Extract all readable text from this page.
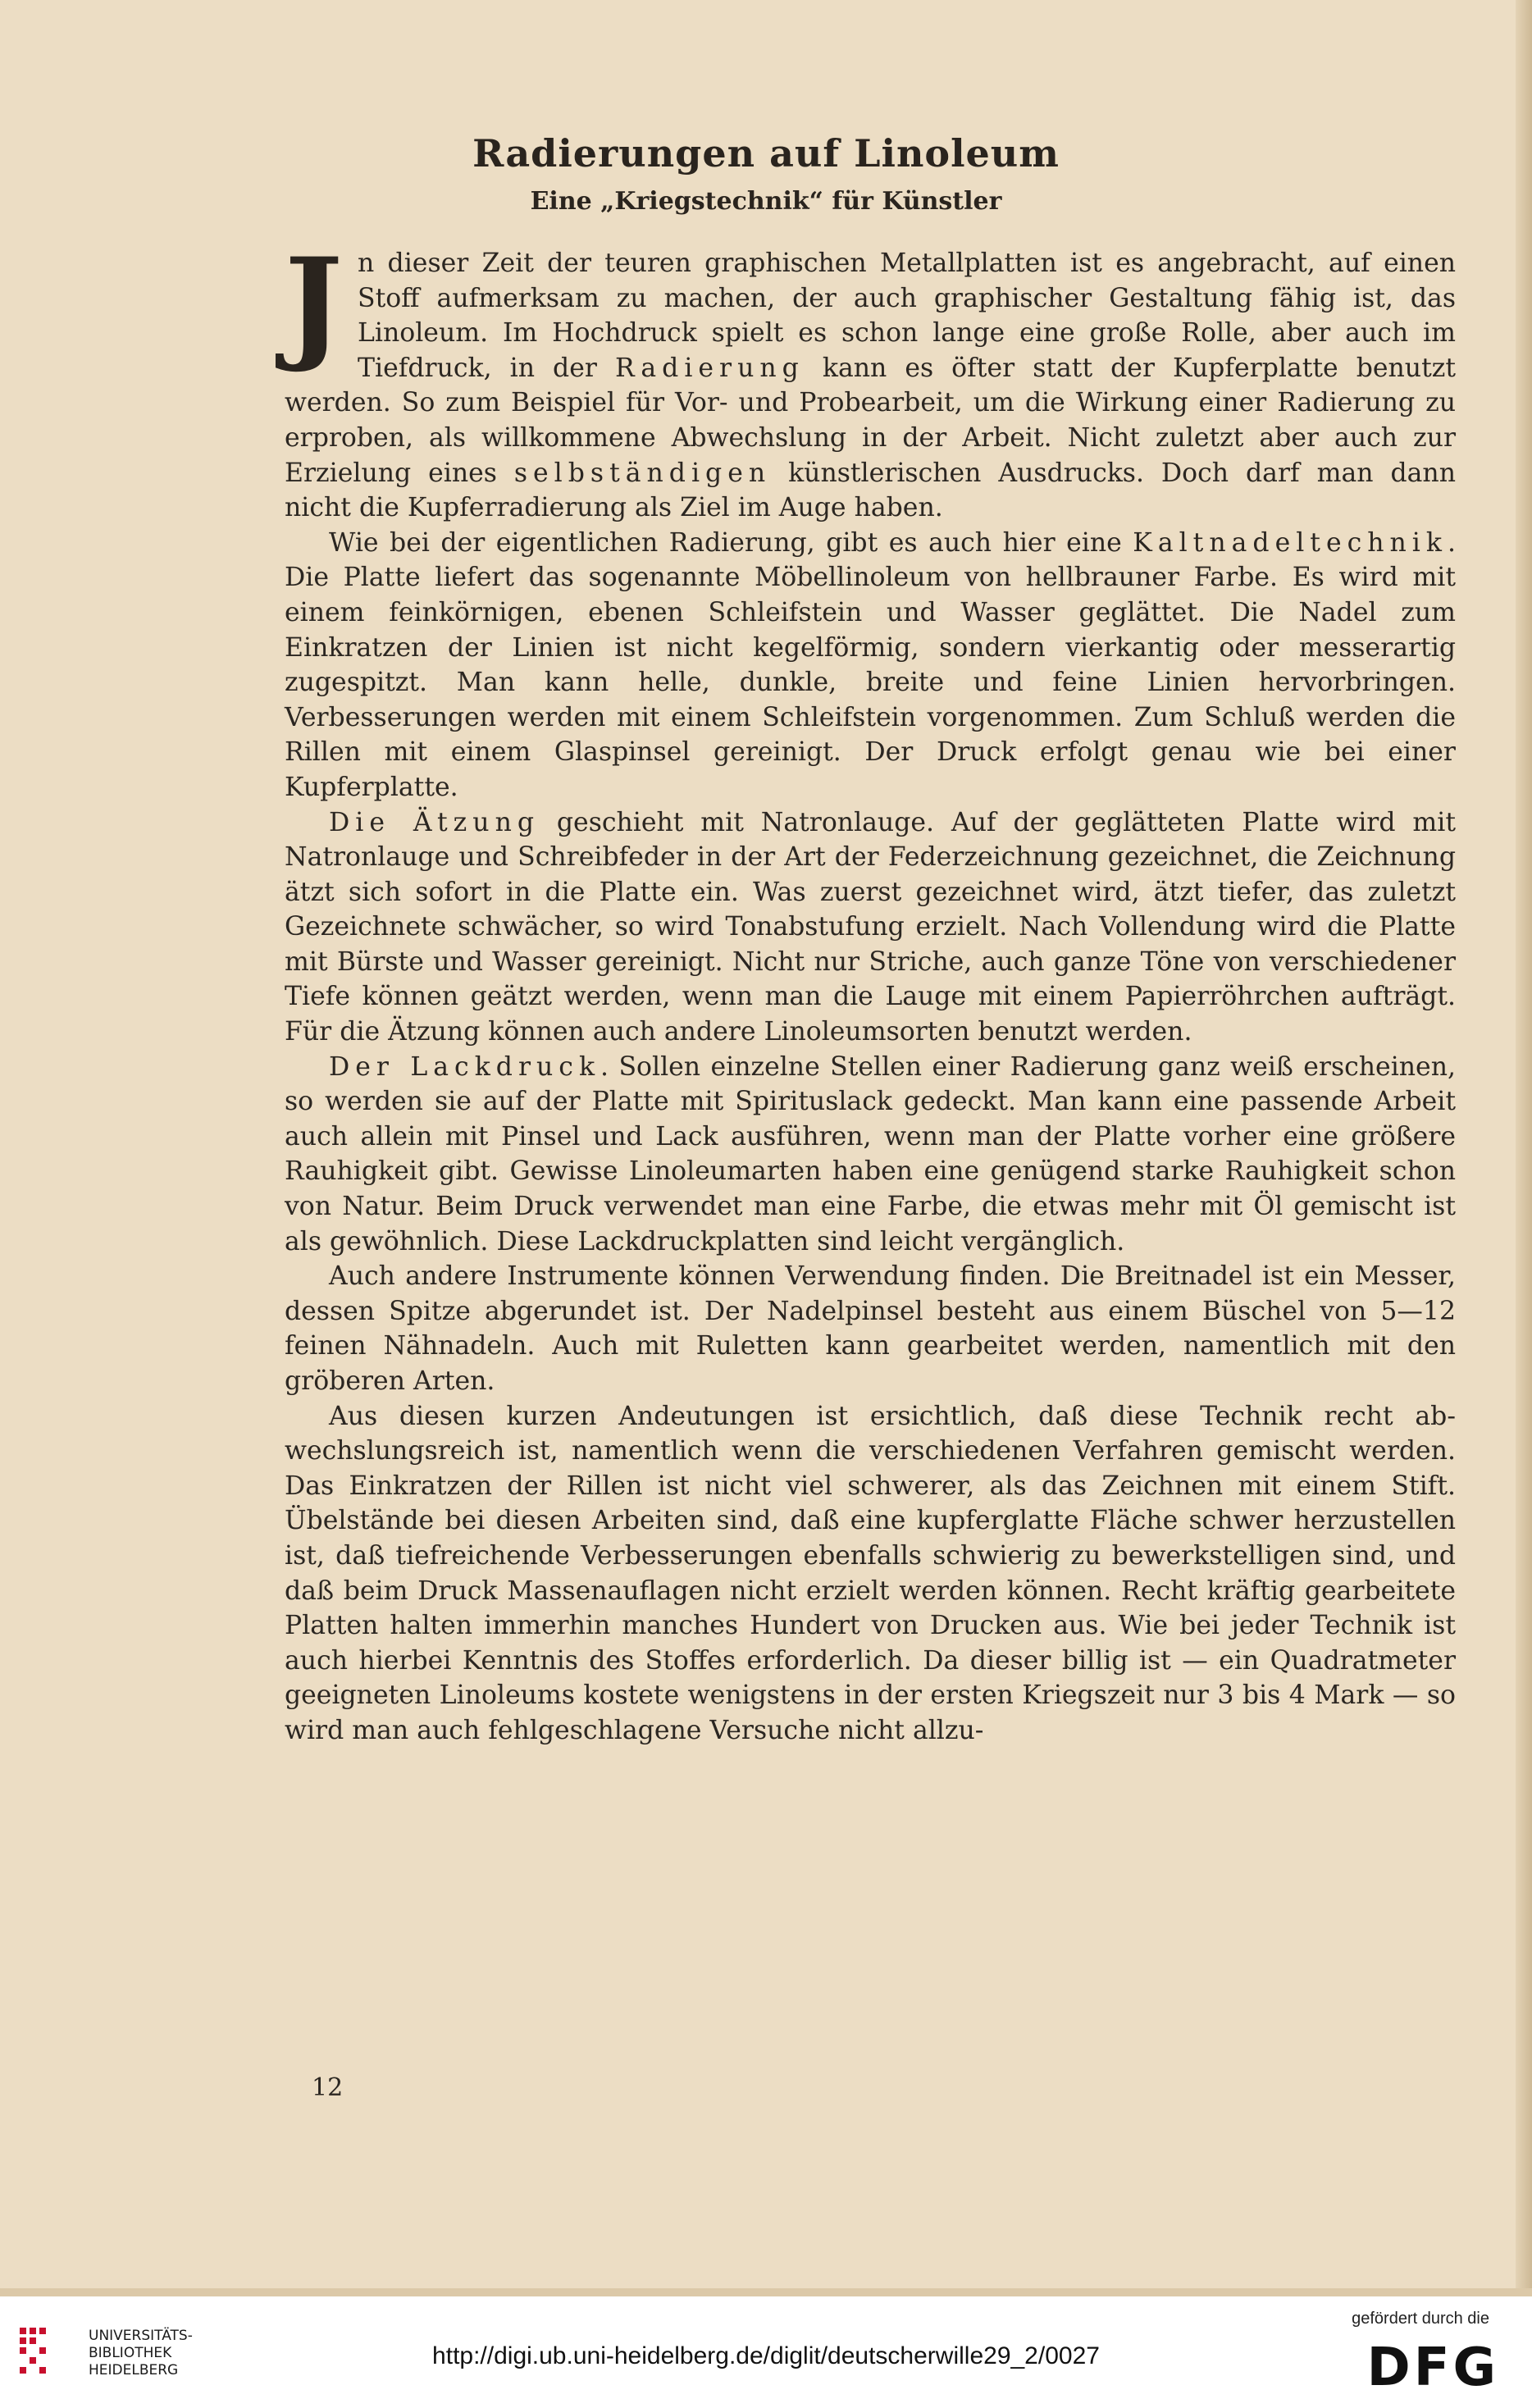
Radierungen auf Linoleum
Eine „Kriegstechnik“ für Künstler

Jn dieser Zeit der teuren graphischen Metallplatten ist es angebracht, auf einen Stoff aufmerksam zu machen, der auch graphischer Gestaltung fähig ist, das Linoleum. Im Hochdruck spielt es schon lange eine große Rolle, aber auch im Tiefdruck, in der Radierung kann es öfter statt der Kupferplatte benutzt werden. So zum Beispiel für Vor- und Probearbeit, um die Wirkung einer Radierung zu erproben, als willkommene Abwechslung in der Arbeit. Nicht zuletzt aber auch zur Erzielung eines selbständigen künstlerischen Ausdrucks. Doch darf man dann nicht die Kupferradierung als Ziel im Auge haben.

Wie bei der eigentlichen Radierung, gibt es auch hier eine Kaltnadeltechnik. Die Platte liefert das sogenannte Möbellinoleum von hellbrauner Farbe. Es wird mit einem feinkörnigen, ebenen Schleifstein und Wasser geglättet. Die Nadel zum Einkratzen der Linien ist nicht kegelförmig, sondern vierkantig oder messerartig zugespitzt. Man kann helle, dunkle, breite und feine Linien hervorbringen. Verbesserungen werden mit einem Schleifstein vorgenommen. Zum Schluß werden die Rillen mit einem Glaspinsel gereinigt. Der Druck erfolgt genau wie bei einer Kupferplatte.

Die Ätzung geschieht mit Natronlauge. Auf der geglätteten Platte wird mit Natronlauge und Schreibfeder in der Art der Federzeichnung gezeichnet, die Zeichnung ätzt sich sofort in die Platte ein. Was zuerst gezeichnet wird, ätzt tiefer, das zuletzt Gezeichnete schwächer, so wird Tonabstufung erzielt. Nach Vollendung wird die Platte mit Bürste und Wasser gereinigt. Nicht nur Striche, auch ganze Töne von verschiedener Tiefe können geätzt werden, wenn man die Lauge mit einem Papierröhrchen aufträgt. Für die Ätzung können auch andere Linoleumsorten benutzt werden.

Der Lackdruck. Sollen einzelne Stellen einer Radierung ganz weiß erscheinen, so werden sie auf der Platte mit Spirituslack gedeckt. Man kann eine passende Arbeit auch allein mit Pinsel und Lack ausführen, wenn man der Platte vorher eine größere Rauhigkeit gibt. Gewisse Linoleumarten haben eine genügend starke Rauhigkeit schon von Natur. Beim Druck verwendet man eine Farbe, die etwas mehr mit Öl gemischt ist als gewöhnlich. Diese Lackdruckplatten sind leicht vergänglich.

Auch andere Instrumente können Verwendung finden. Die Breitnadel ist ein Messer, dessen Spitze abgerundet ist. Der Nadelpinsel besteht aus einem Büschel von 5—12 feinen Nähnadeln. Auch mit Ruletten kann gearbeitet werden, namentlich mit den gröberen Arten.

Aus diesen kurzen Andeutungen ist ersichtlich, daß diese Technik recht abwechslungsreich ist, namentlich wenn die verschiedenen Verfahren gemischt werden. Das Einkratzen der Rillen ist nicht viel schwerer, als das Zeichnen mit einem Stift. Übelstände bei diesen Arbeiten sind, daß eine kupferglatte Fläche schwer herzustellen ist, daß tiefreichende Verbesserungen ebenfalls schwierig zu bewerkstelligen sind, und daß beim Druck Massenauflagen nicht erzielt werden können. Recht kräftig gearbeitete Platten halten immerhin manches Hundert von Drucken aus. Wie bei jeder Technik ist auch hierbei Kenntnis des Stoffes erforderlich. Da dieser billig ist — ein Quadratmeter geeigneten Linoleums kostete wenigstens in der ersten Kriegszeit nur 3 bis 4 Mark — so wird man auch fehlgeschlagene Versuche nicht allzu-

12
UNIVERSITÄTS-
BIBLIOTHEK
HEIDELBERG
http://digi.ub.uni-heidelberg.de/diglit/deutscherwille29_2/0027
gefördert durch die
DFG
